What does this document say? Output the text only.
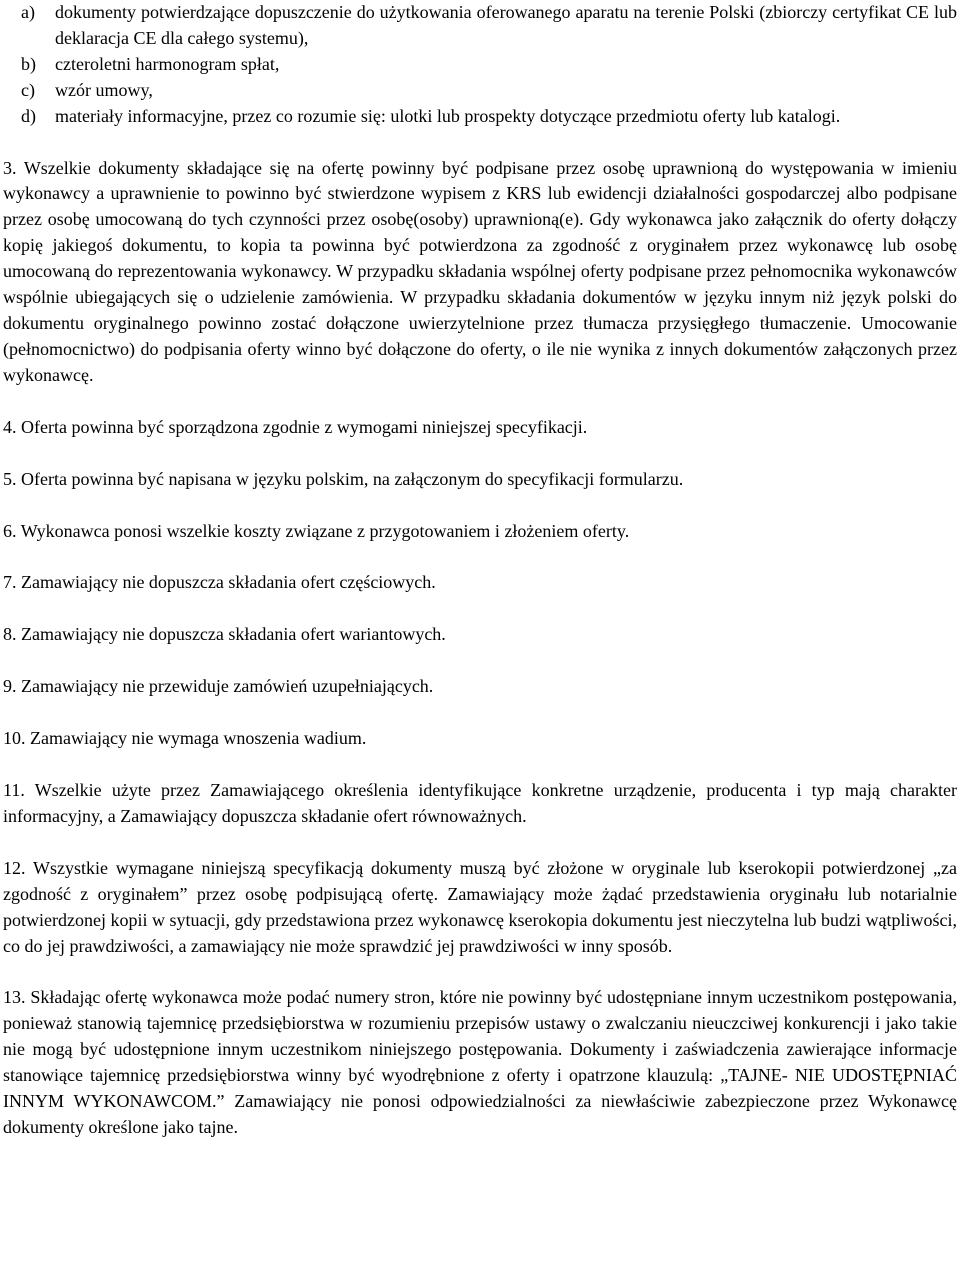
a)	dokumenty potwierdzające dopuszczenie do użytkowania oferowanego aparatu na terenie Polski (zbiorczy certyfikat CE lub deklaracja CE dla całego systemu),
b)	czteroletni harmonogram spłat,
c)	wzór umowy,
d)	materiały informacyjne, przez co rozumie się: ulotki lub prospekty dotyczące przedmiotu oferty lub katalogi.

3. Wszelkie dokumenty składające się na ofertę powinny być podpisane przez osobę uprawnioną do występowania w imieniu wykonawcy a uprawnienie to powinno być stwierdzone wypisem z KRS lub ewidencji działalności gospodarczej albo podpisane przez osobę umocowaną do tych czynności przez osobę(osoby) uprawnioną(e). Gdy wykonawca jako załącznik do oferty dołączy kopię jakiegoś dokumentu, to kopia ta powinna być potwierdzona za zgodność z oryginałem przez wykonawcę lub osobę umocowaną do reprezentowania wykonawcy. W przypadku składania wspólnej oferty podpisane przez pełnomocnika wykonawców wspólnie ubiegających się o udzielenie zamówienia. W przypadku składania dokumentów w języku innym niż język polski do dokumentu oryginalnego powinno zostać dołączone uwierzytelnione przez tłumacza przysięgłego tłumaczenie. Umocowanie (pełnomocnictwo) do podpisania oferty winno być dołączone do oferty, o ile nie wynika z innych dokumentów załączonych przez wykonawcę.

4. Oferta powinna być sporządzona zgodnie z wymogami niniejszej specyfikacji.

5. Oferta powinna być napisana w języku polskim, na załączonym do specyfikacji formularzu.

6. Wykonawca ponosi wszelkie koszty związane z przygotowaniem i złożeniem oferty.

7. Zamawiający nie dopuszcza składania ofert częściowych.

8. Zamawiający nie dopuszcza składania ofert wariantowych.

9. Zamawiający nie przewiduje zamówień uzupełniających.

10. Zamawiający nie wymaga wnoszenia wadium.

11. Wszelkie użyte przez Zamawiającego określenia identyfikujące konkretne urządzenie, producenta i typ mają charakter informacyjny, a Zamawiający dopuszcza składanie ofert równoważnych.

12. Wszystkie wymagane niniejszą specyfikacją dokumenty muszą być złożone w oryginale lub kserokopii potwierdzonej „za zgodność z oryginałem” przez osobę podpisującą ofertę. Zamawiający może żądać przedstawienia oryginału lub notarialnie potwierdzonej kopii w sytuacji, gdy przedstawiona przez wykonawcę kserokopia dokumentu jest nieczytelna lub budzi wątpliwości, co do jej prawdziwości, a zamawiający nie może sprawdzić jej prawdziwości w inny sposób.

13. Składając ofertę wykonawca może podać numery stron, które nie powinny być udostępniane innym uczestnikom postępowania, ponieważ stanowią tajemnicę przedsiębiorstwa w rozumieniu przepisów ustawy o zwalczaniu nieuczciwej konkurencji i jako takie nie mogą być udostępnione innym uczestnikom niniejszego postępowania. Dokumenty i zaświadczenia zawierające informacje stanowiące tajemnicę przedsiębiorstwa winny być wyodrębnione z oferty i opatrzone klauzulą: „TAJNE- NIE UDOSTĘPNIAĆ INNYM WYKONAWCOM.” Zamawiający nie ponosi odpowiedzialności za niewłaściwie zabezpieczone przez Wykonawcę dokumenty określone jako tajne.
